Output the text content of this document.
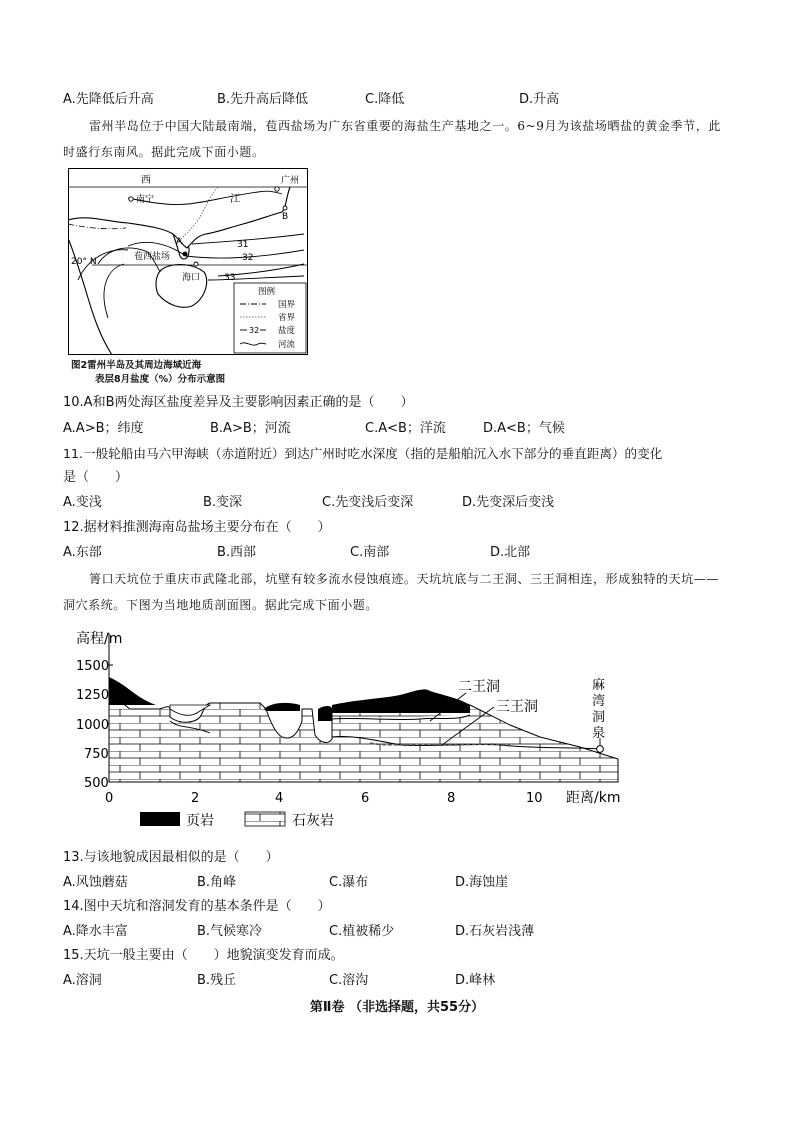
A.先降低后升高	B.先升高后降低	C.降低	D.升高
雷州半岛位于中国大陆最南端，苞西盐场为广东省重要的海盐生产基地之一。6~9月为该盐场晒盐的黄金季节，此时盛行东南风。据此完成下面小题。
西
江
广州
南宁
B
A
苞西盐场
海口
20° N
31
32
33
图例
国界
省界
32 盐度
河流
图2雷州半岛及其周边海域近海
表层8月盐度（%）分布示意图
10.A和B两处海区盐度差异及主要影响因素正确的是（　　）
A.A>B；纬度	B.A>B；河流	C.A<B；洋流	D.A<B；气候
11.一般轮船由马六甲海峡（赤道附近）到达广州时吃水深度（指的是船舶沉入水下部分的垂直距离）的变化
是（　　）
A.变浅	B.变深	C.先变浅后变深	D.先变深后变浅
12.据材料推测海南岛盐场主要分布在（　　）
A.东部	B.西部	C.南部	D.北部
箐口天坑位于重庆市武隆北部，坑壁有较多流水侵蚀痕迹。天坑坑底与二王洞、三王洞相连，形成独特的天坑——洞穴系统。下图为当地地质剖面图。据此完成下面小题。
高程/m
1500
1250
1000
750
500
二王洞
三王洞
麻
湾
洞
泉
0	2	4	6	8	10 距离/km
页岩	石灰岩
13.与该地貌成因最相似的是（　　）
A.风蚀蘑菇	B.角峰	C.瀑布	D.海蚀崖
14.图中天坑和溶洞发育的基本条件是（　　）
A.降水丰富	B.气候寒冷	C.植被稀少	D.石灰岩浅薄
15.天坑一般主要由（　　）地貌演变发育而成。
A.溶洞	B.残丘	C.溶沟	D.峰林
第Ⅱ卷 （非选择题，共55分）
